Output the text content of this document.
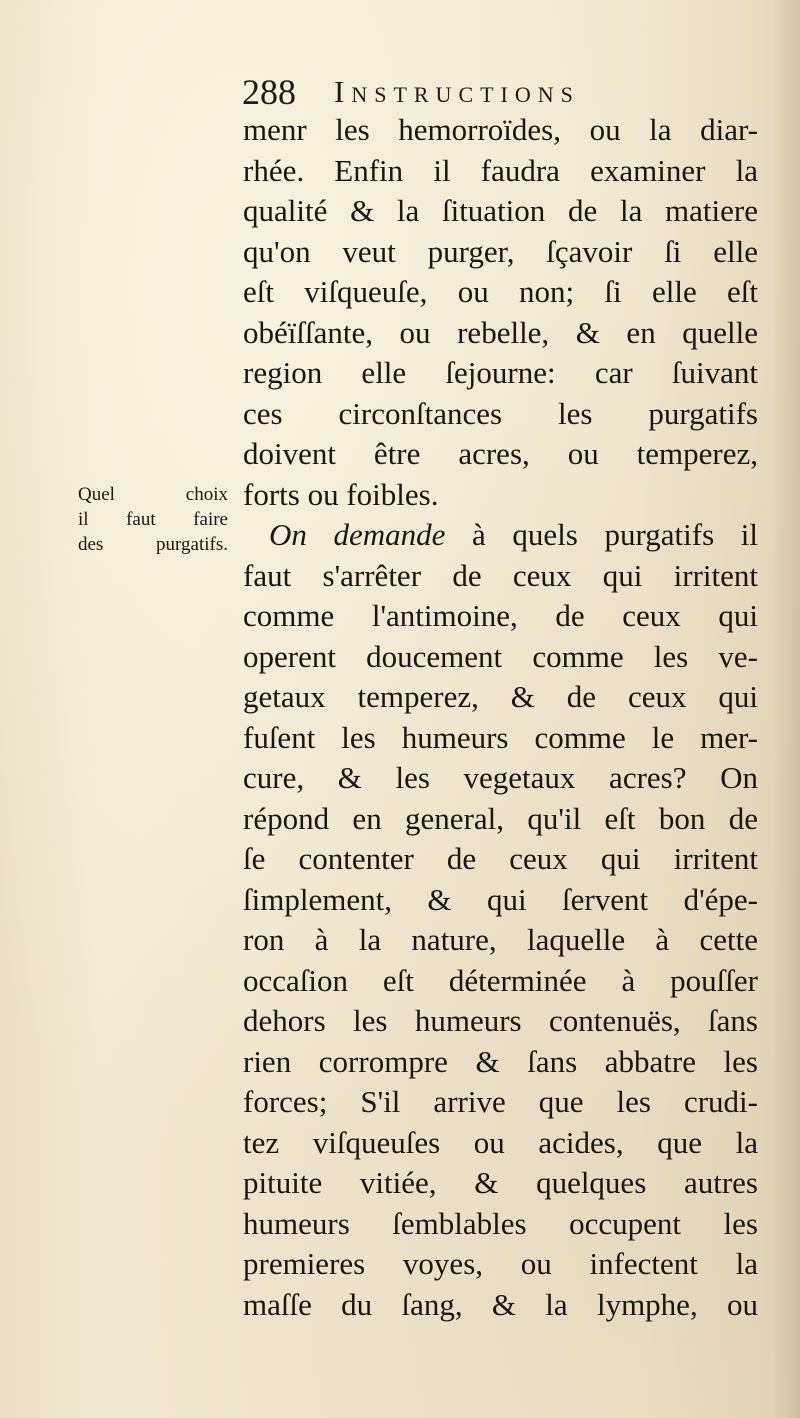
288 Instructions
Quel choix
il faut faire
des purgatifs.
menr les hemorroïdes, ou la diar-
rhée. Enfin il faudra examiner la
qualité & la ſituation de la matiere
qu'on veut purger, ſçavoir ſi elle
eſt viſqueuſe, ou non; ſi elle eſt
obéïſſante, ou rebelle, & en quelle
region elle ſejourne: car ſuivant
ces circonſtances les purgatifs
doivent être acres, ou temperez,
forts ou foibles.
On demande à quels purgatifs il
faut s'arrêter de ceux qui irritent
comme l'antimoine, de ceux qui
operent doucement comme les ve-
getaux temperez, & de ceux qui
fuſent les humeurs comme le mer-
cure, & les vegetaux acres? On
répond en general, qu'il eſt bon de
ſe contenter de ceux qui irritent
ſimplement, & qui ſervent d'épe-
ron à la nature, laquelle à cette
occaſion eſt déterminée à pouſſer
dehors les humeurs contenuës, ſans
rien corrompre & ſans abbatre les
forces; S'il arrive que les crudi-
tez viſqueuſes ou acides, que la
pituite vitiée, & quelques autres
humeurs ſemblables occupent les
premieres voyes, ou infectent la
maſſe du ſang, & la lymphe, ou
